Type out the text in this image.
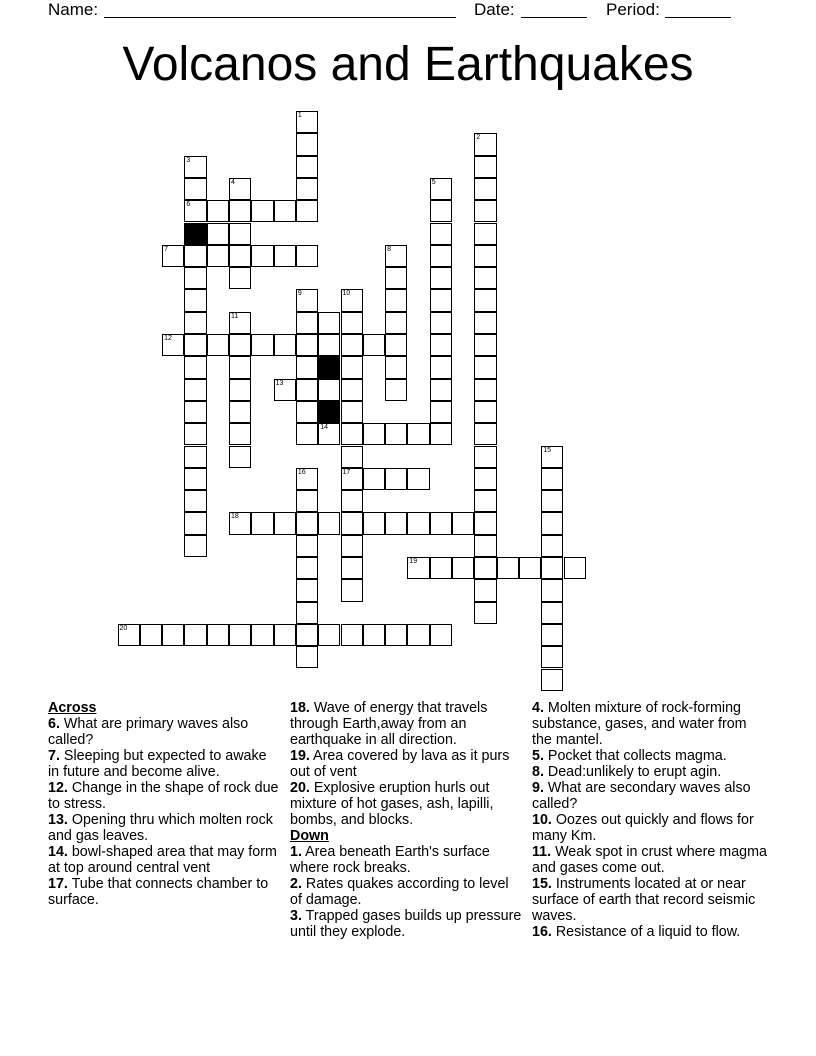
Name:	Date:	Period:
Volcanos and Earthquakes
1
2
3
6
4	5
7	8
9	10
17
11
12
13
14
15
16
18
19
20
Across
6. What are primary waves also called?
7. Sleeping but expected to awake in future and become alive.
12. Change in the shape of rock due to stress.
13. Opening thru which molten rock and gas leaves.
14. bowl-shaped area that may form at top around central vent
17. Tube that connects chamber to surface.
18. Wave of energy that travels through Earth,away from an earthquake in all direction.
19. Area covered by lava as it purs out of vent
20. Explosive eruption hurls out mixture of hot gases, ash, lapilli, bombs, and blocks.
Down
1. Area beneath Earth's surface where rock breaks.
2. Rates quakes according to level of damage.
3. Trapped gases builds up pressure until they explode.
4. Molten mixture of rock-forming substance, gases, and water from the mantel.
5. Pocket that collects magma.
8. Dead:unlikely to erupt agin.
9. What are secondary waves also called?
10. Oozes out quickly and flows for many Km.
11. Weak spot in crust where magma and gases come out.
15. Instruments located at or near surface of earth that record seismic waves.
16. Resistance of a liquid to flow.
